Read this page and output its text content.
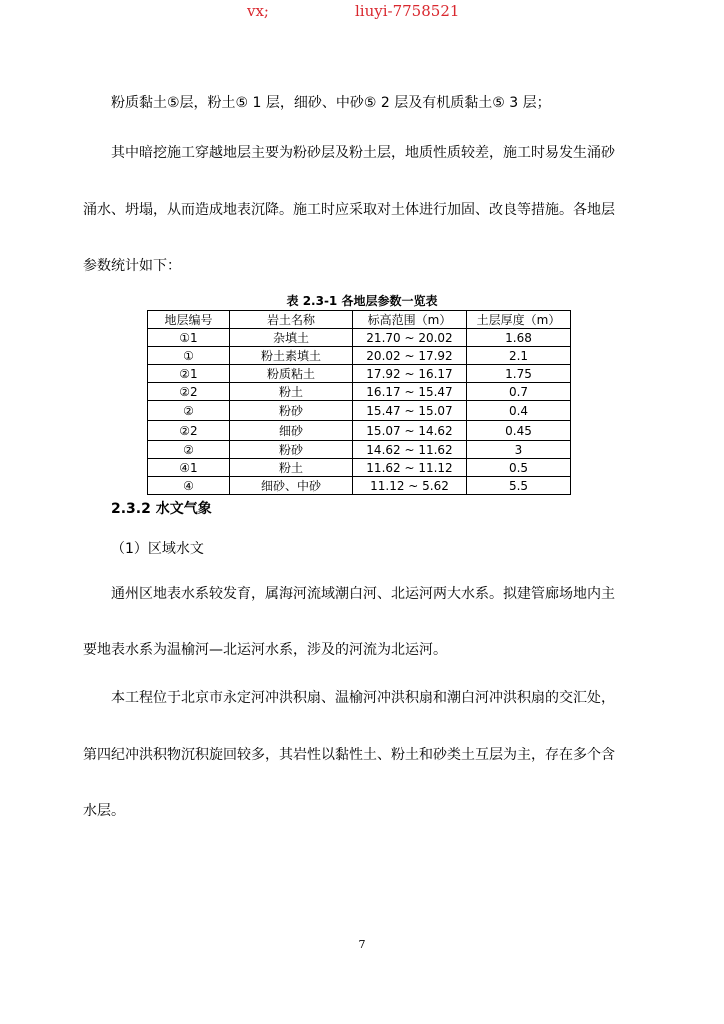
vx;	liuyi-7758521

粉质黏土⑤层，粉土⑤ 1 层，细砂、中砂⑤ 2 层及有机质黏土⑤ 3 层；

其中暗挖施工穿越地层主要为粉砂层及粉土层，地质性质较差，施工时易发生涌砂

涌水、坍塌，从而造成地表沉降。施工时应采取对土体进行加固、改良等措施。各地层

参数统计如下：

表 2.3-1 各地层参数一览表

地层编号	岩土名称	标高范围（m）	土层厚度（m）
①1	杂填土	21.70 ~ 20.02	1.68
①	粉土素填土	20.02 ~ 17.92	2.1
②1	粉质粘土	17.92 ~ 16.17	1.75
②2	粉土	16.17 ~ 15.47	0.7
②	粉砂	15.47 ~ 15.07	0.4
②2	细砂	15.07 ~ 14.62	0.45
②	粉砂	14.62 ~ 11.62	3
④1	粉土	11.62 ~ 11.12	0.5
④	细砂、中砂	11.12 ~ 5.62	5.5
2.3.2 水文气象

（1）区域水文

通州区地表水系较发育，属海河流域潮白河、北运河两大水系。拟建管廊场地内主

要地表水系为温榆河—北运河水系，涉及的河流为北运河。

本工程位于北京市永定河冲洪积扇、温榆河冲洪积扇和潮白河冲洪积扇的交汇处，

第四纪冲洪积物沉积旋回较多，其岩性以黏性土、粉土和砂类土互层为主，存在多个含

水层。

7
